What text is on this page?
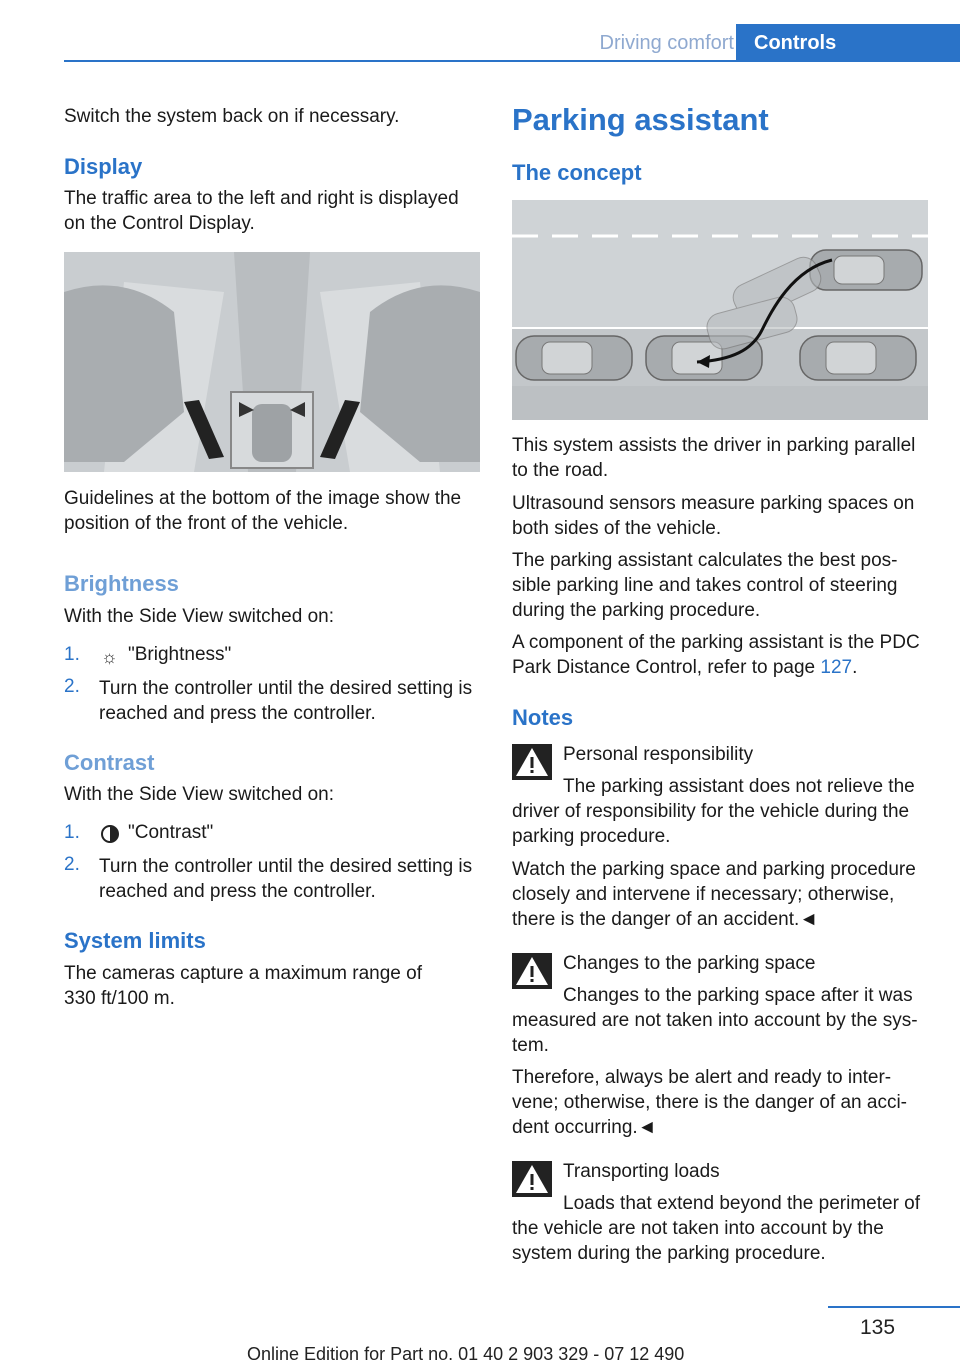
Driving comfort	Controls

Switch the system back on if necessary.

Display

The traffic area to the left and right is displayed on the Control Display.

Guidelines at the bottom of the image show the position of the front of the vehicle.

Brightness

With the Side View switched on:

1. ☼ "Brightness"
2. Turn the controller until the desired setting is reached and press the controller.

Contrast

With the Side View switched on:

1.	"Contrast"
2. Turn the controller until the desired setting is reached and press the controller.

System limits

The cameras capture a maximum range of 330 ft/100 m.

Parking assistant

The concept

This system assists the driver in parking parallel to the road.

Ultrasound sensors measure parking spaces on both sides of the vehicle.

The parking assistant calculates the best pos‐sible parking line and takes control of steering during the parking procedure.

A component of the parking assistant is the PDC Park Distance Control, refer to page 127.

Notes

Personal responsibility

The parking assistant does not relieve the driver of responsibility for the vehicle during the parking procedure.

Watch the parking space and parking procedure closely and intervene if necessary; otherwise, there is the danger of an accident.◄

Changes to the parking space

Changes to the parking space after it was measured are not taken into account by the sys‐tem.

Therefore, always be alert and ready to inter‐vene; otherwise, there is the danger of an acci‐dent occurring.◄

Transporting loads

Loads that extend beyond the perimeter of the vehicle are not taken into account by the system during the parking procedure.

135
Online Edition for Part no. 01 40 2 903 329 - 07 12 490
